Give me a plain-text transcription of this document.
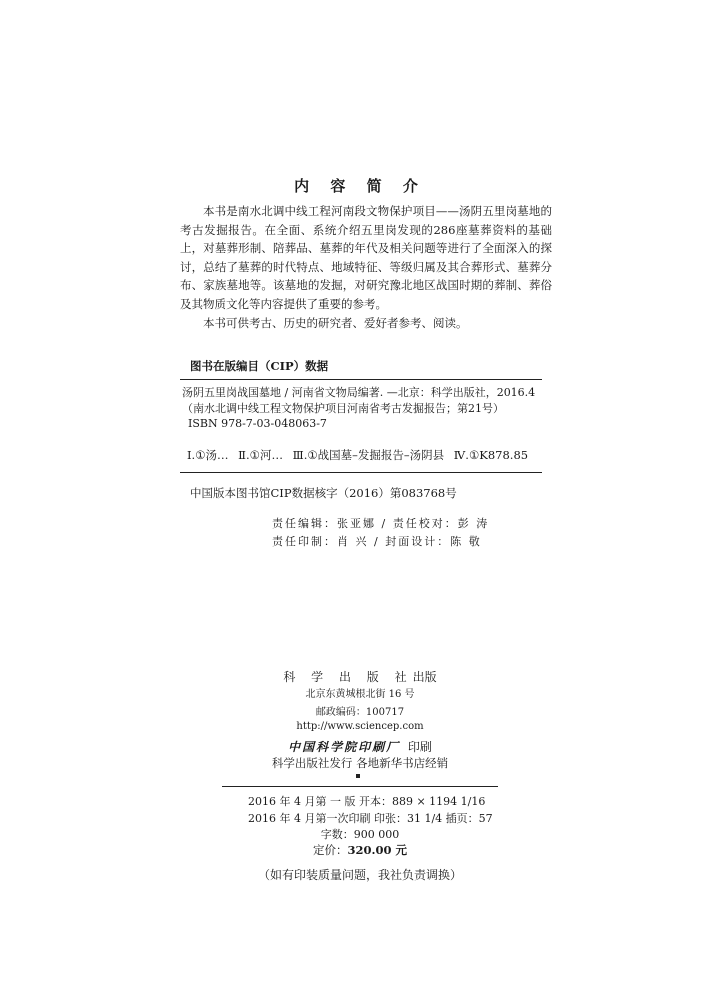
内 容 简 介

本书是南水北调中线工程河南段文物保护项目——汤阴五里岗墓地的考古发掘报告。在全面、系统介绍五里岗发现的286座墓葬资料的基础上，对墓葬形制、陪葬品、墓葬的年代及相关问题等进行了全面深入的探讨，总结了墓葬的时代特点、地域特征、等级归属及其合葬形式、墓葬分布、家族墓地等。该墓地的发掘，对研究豫北地区战国时期的葬制、葬俗及其物质文化等内容提供了重要的参考。

本书可供考古、历史的研究者、爱好者参考、阅读。

图书在版编目（CIP）数据
汤阴五里岗战国墓地 / 河南省文物局编著. —北京：科学出版社，2016.4
（南水北调中线工程文物保护项目河南省考古发掘报告；第21号）
ISBN 978-7-03-048063-7
Ⅰ.①汤… Ⅱ.①河… Ⅲ.①战国墓–发掘报告–汤阴县 Ⅳ.①K878.85
中国版本图书馆CIP数据核字（2016）第083768号
责任编辑：张亚娜 / 责任校对：彭 涛
责任印制：肖 兴 / 封面设计：陈 敬
科 学 出 版 社出版
北京东黄城根北街 16 号
邮政编码：100717
http://www.sciencep.com
中国科学院印刷厂 印刷
科学出版社发行 各地新华书店经销
2016 年 4 月第 一 版 开本：889 × 1194 1/16
2016 年 4 月第一次印刷 印张：31 1/4 插页：57
字数：900 000
定价：320.00 元
（如有印装质量问题，我社负责调换）
